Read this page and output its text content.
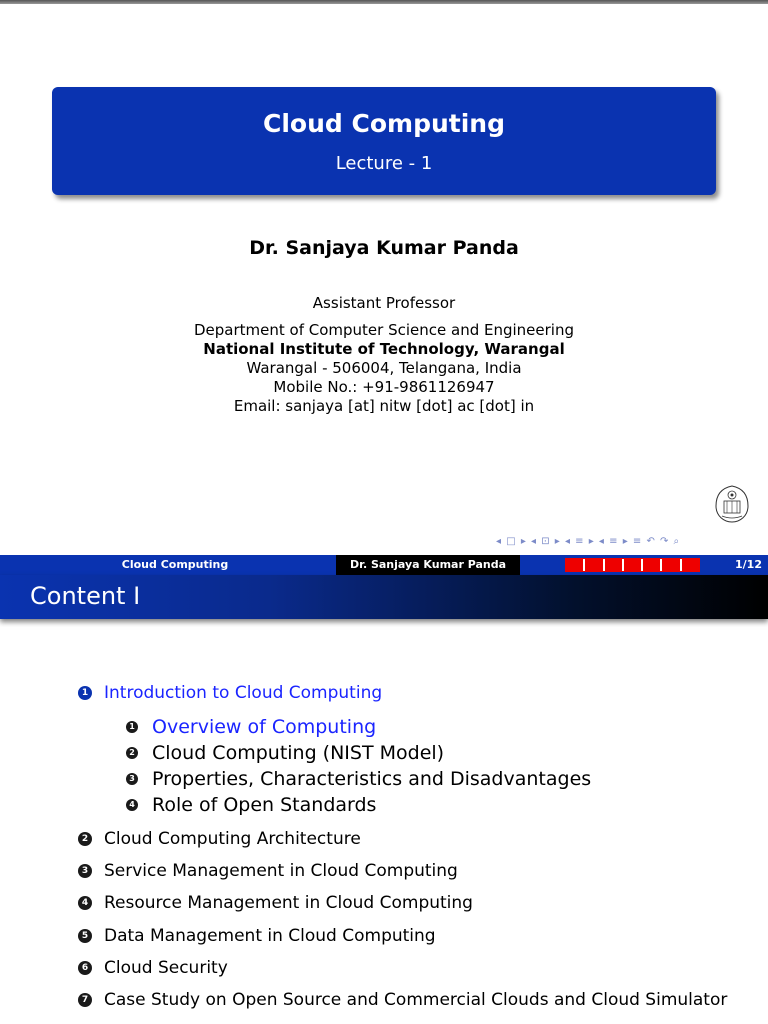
Cloud Computing
Lecture - 1
Dr. Sanjaya Kumar Panda
Assistant Professor
Department of Computer Science and Engineering
National Institute of Technology, Warangal
Warangal - 506004, Telangana, India
Mobile No.: +91-9861126947
Email: sanjaya [at] nitw [dot] ac [dot] in
◂ □ ▸ ◂ ⊡ ▸ ◂ ≡ ▸ ◂ ≡ ▸ ≡ ↶ ↷ ⌕
Cloud Computing	Dr. Sanjaya Kumar Panda	1/12
Content I
1 Introduction to Cloud Computing
1 Overview of Computing
2 Cloud Computing (NIST Model)
3 Properties, Characteristics and Disadvantages
4 Role of Open Standards
2 Cloud Computing Architecture
3 Service Management in Cloud Computing
4 Resource Management in Cloud Computing
5 Data Management in Cloud Computing
6 Cloud Security
7 Case Study on Open Source and Commercial Clouds and Cloud Simulator
